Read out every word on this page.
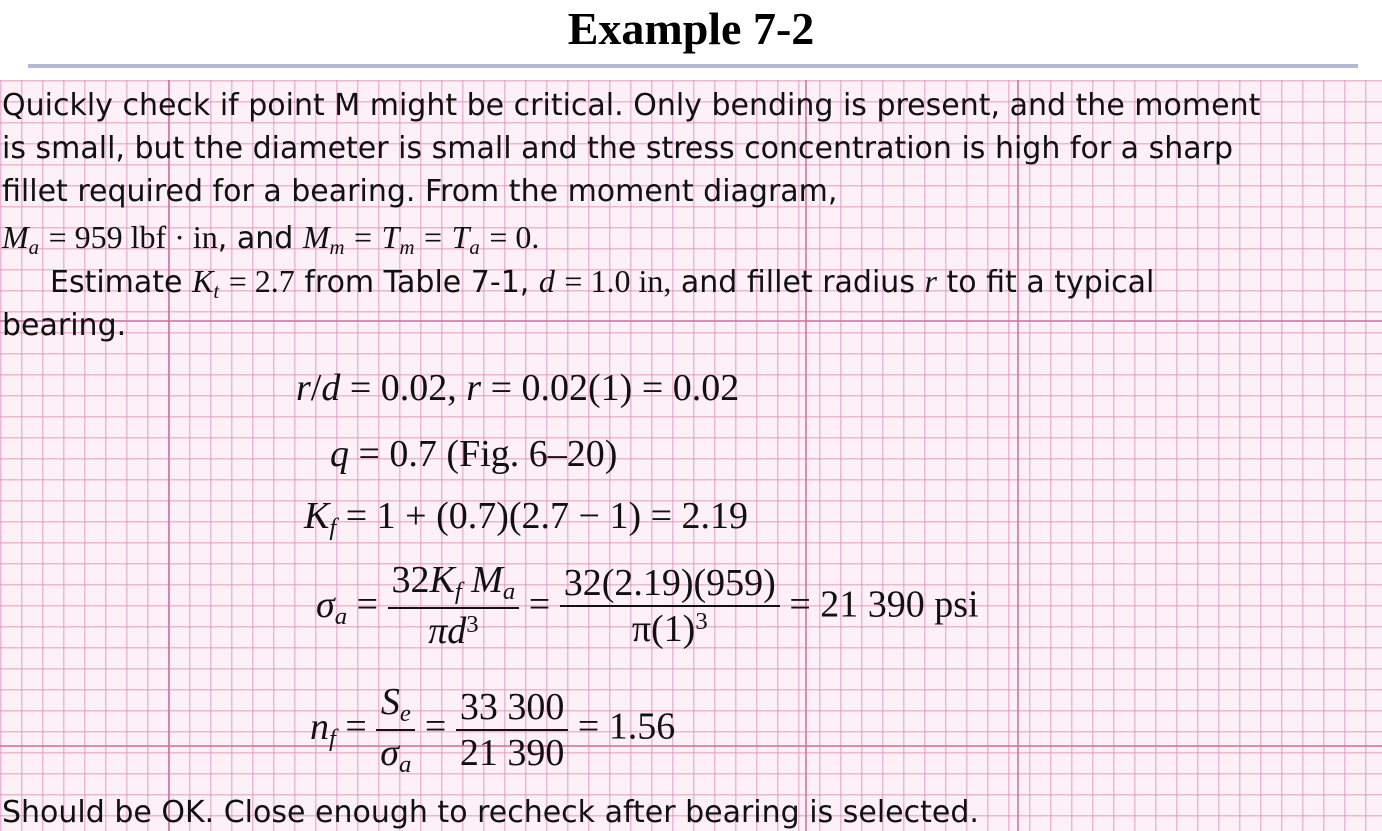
Example 7-2
Quickly check if point M might be critical. Only bending is present, and the moment
is small, but the diameter is small and the stress concentration is high for a sharp
fillet required for a bearing. From the moment diagram,
Ma = 959 lbf · in, and Mm = Tm = Ta = 0.
Estimate Kt = 2.7 from Table 7-1, d = 1.0 in, and fillet radius r to fit a typical
bearing.
r/d = 0.02, r = 0.02(1) = 0.02
q = 0.7 (Fig. 6–20)
Kf = 1 + (0.7)(2.7 − 1) = 2.19
$\sigma a = \frac{\text{32Kf Ma}}{\pi d^3} = \frac{32(2.19)(959)}{\pi(1)^3} = 21$ 390 psi
nf = $\frac{Se}{\sigma a} = \frac{33 300}{21 390} = 1.56$
Should be OK. Close enough to recheck after bearing is selected.
